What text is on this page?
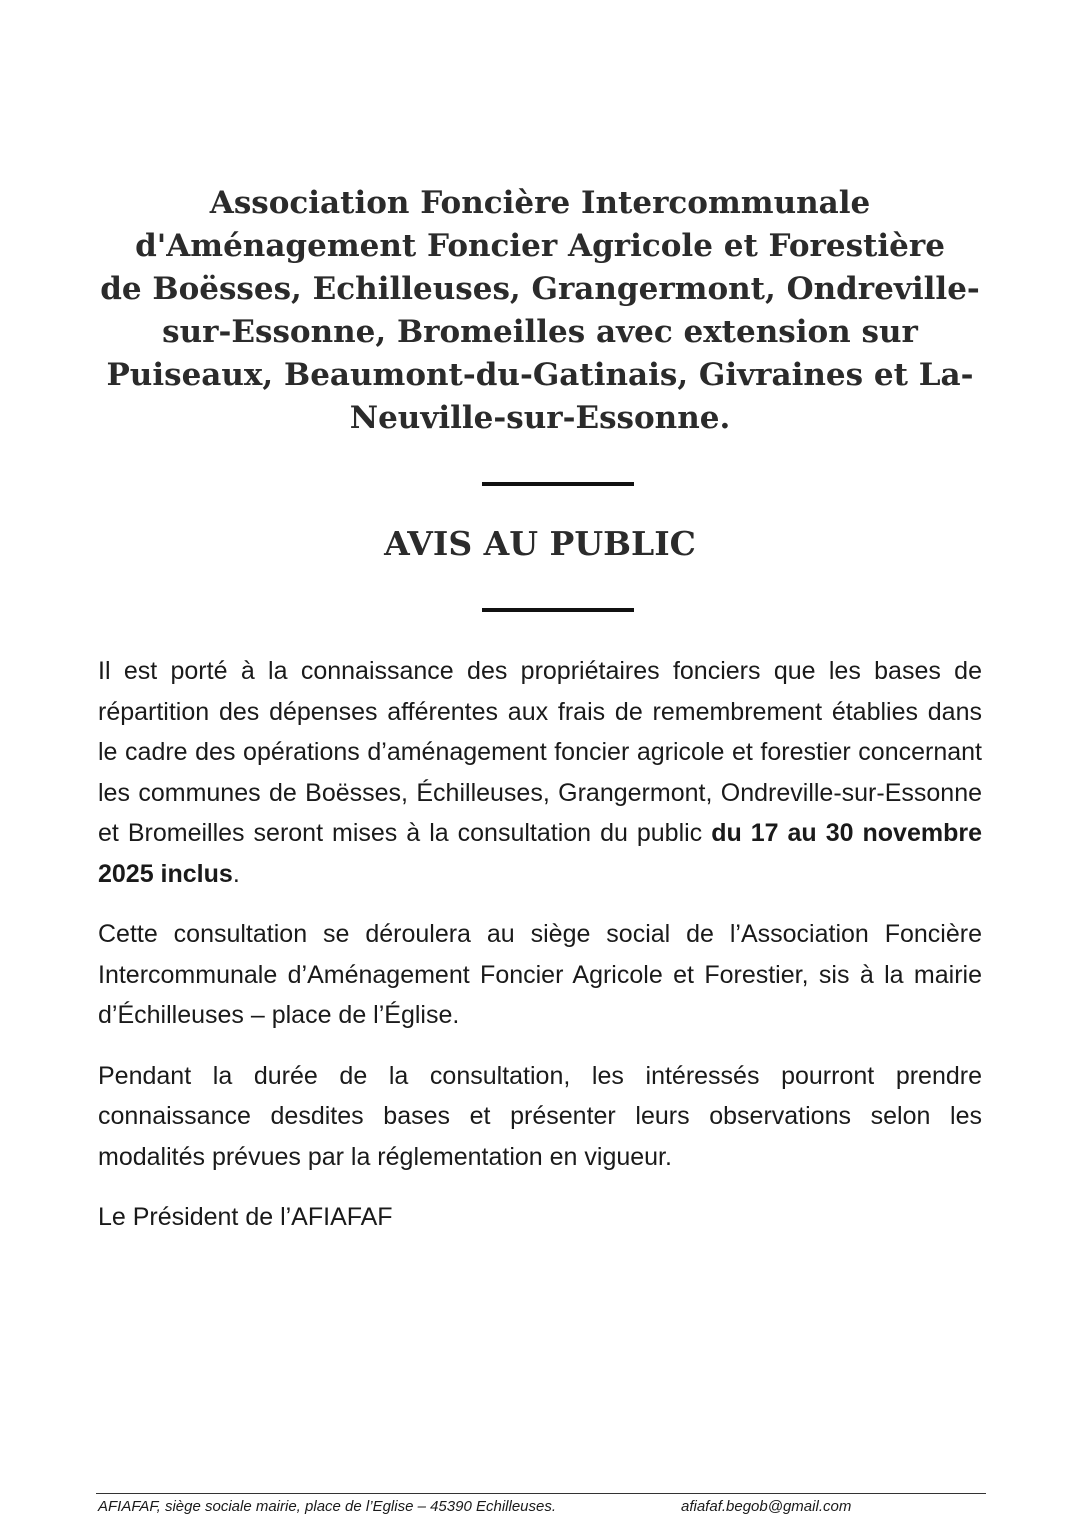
Association Foncière Intercommunale
d'Aménagement Foncier Agricole et Forestière
de Boësses, Echilleuses, Grangermont, Ondreville-
sur-Essonne, Bromeilles avec extension sur
Puiseaux, Beaumont-du-Gatinais, Givraines et La-
Neuville-sur-Essonne.
AVIS AU PUBLIC

Il est porté à la connaissance des propriétaires fonciers que les bases de répartition des dépenses afférentes aux frais de remembrement établies dans le cadre des opérations d’aménagement foncier agricole et forestier concernant les communes de Boësses, Échilleuses, Grangermont, Ondreville-sur-Essonne et Bromeilles seront mises à la consultation du public du 17 au 30 novembre 2025 inclus.

Cette consultation se déroulera au siège social de l’Association Foncière Intercommunale d’Aménagement Foncier Agricole et Forestier, sis à la mairie d’Échilleuses – place de l’Église.

Pendant la durée de la consultation, les intéressés pourront prendre connaissance desdites bases et présenter leurs observations selon les modalités prévues par la réglementation en vigueur.

Le Président de l’AFIAFAF

AFIAFAF, siège sociale mairie, place de l’Eglise – 45390 Echilleuses.	afiafaf.begob@gmail.com
